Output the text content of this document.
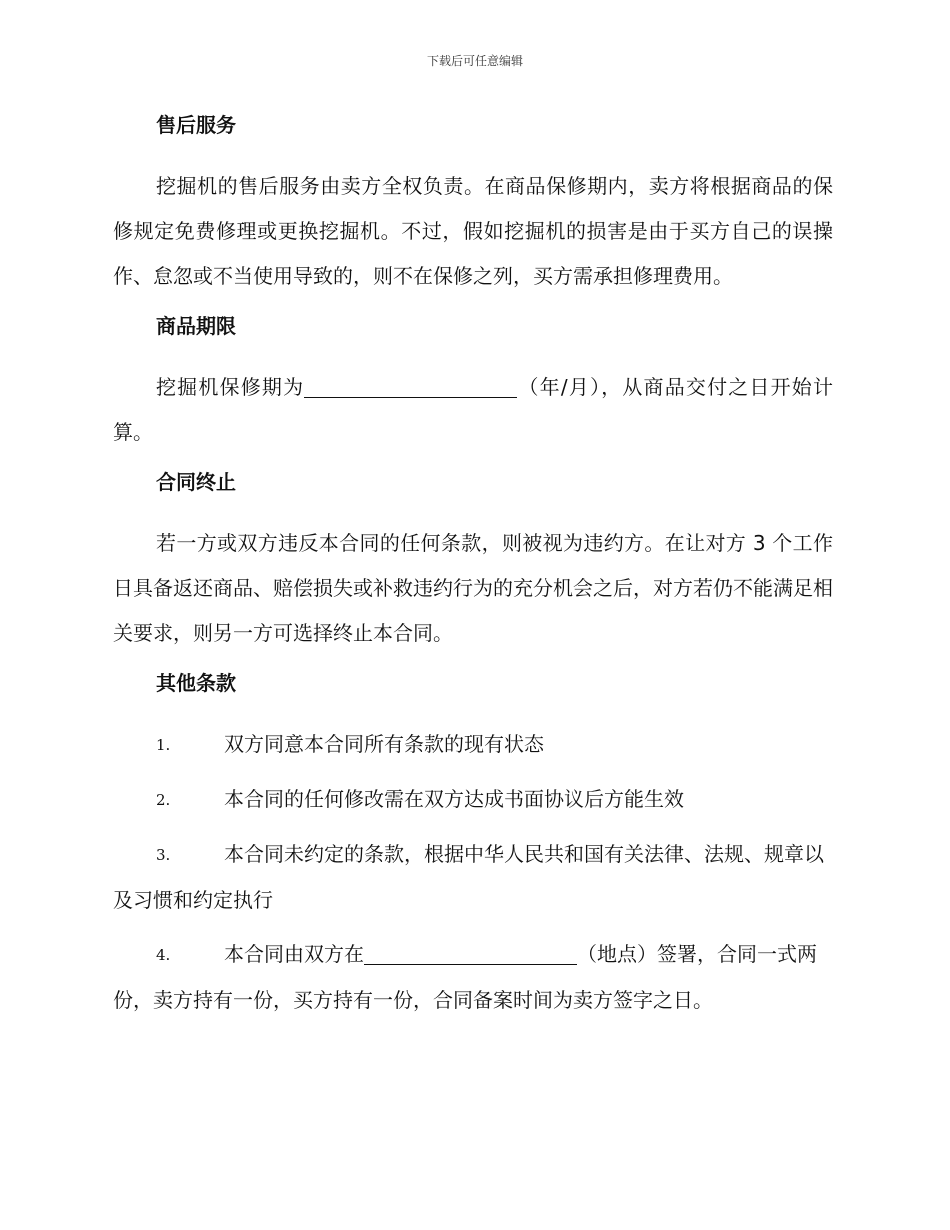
下载后可任意编辑
售后服务
挖掘机的售后服务由卖方全权负责。在商品保修期内，卖方将根据商品的保修规定免费修理或更换挖掘机。不过，假如挖掘机的损害是由于买方自己的误操作、怠忽或不当使用导致的，则不在保修之列，买方需承担修理费用。
商品期限
挖掘机保修期为	（年/月），从商品交付之日开始计算。
合同终止
若一方或双方违反本合同的任何条款，则被视为违约方。在让对方 3 个工作日具备返还商品、赔偿损失或补救违约行为的充分机会之后，对方若仍不能满足相关要求，则另一方可选择终止本合同。
其他条款
1.	双方同意本合同所有条款的现有状态
2.	本合同的任何修改需在双方达成书面协议后方能生效
3.	本合同未约定的条款，根据中华人民共和国有关法律、法规、规章以及习惯和约定执行
4.	本合同由双方在	（地点）签署，合同一式两份，卖方持有一份，买方持有一份，合同备案时间为卖方签字之日。
